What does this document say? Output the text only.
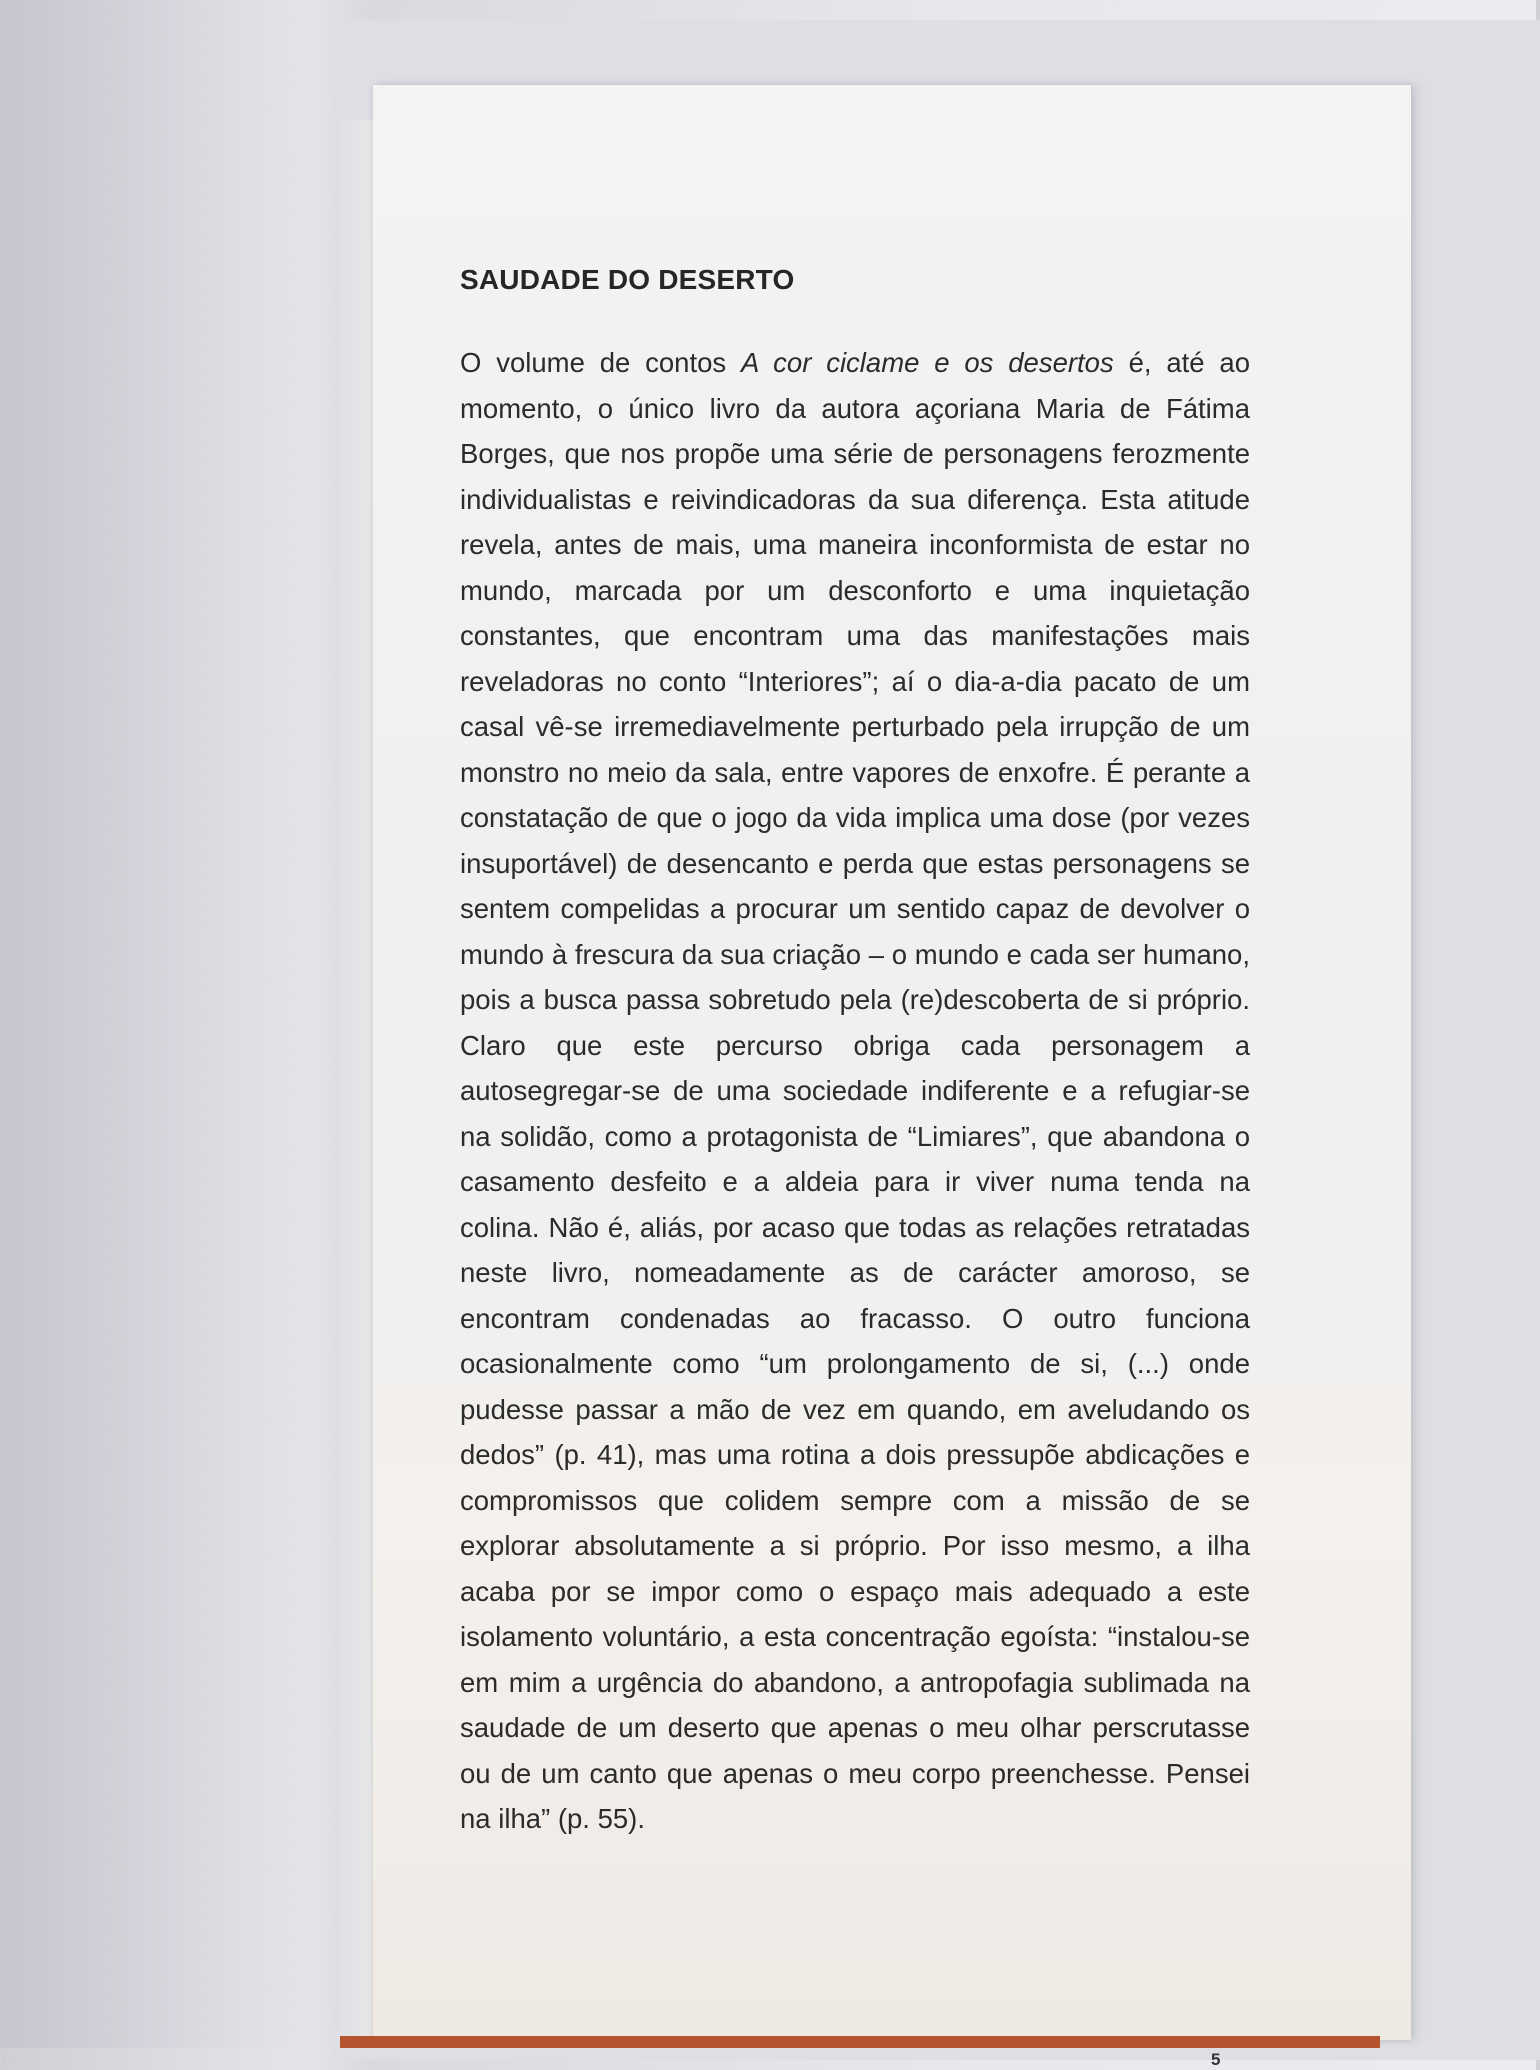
5
SAUDADE DO DESERTO

O volume de contos A cor ciclame e os desertos é, até ao momento, o único livro da autora açoriana Maria de Fátima Borges, que nos propõe uma série de personagens ferozmente individualistas e reivindicadoras da sua diferença. Esta atitude revela, antes de mais, uma maneira inconformista de estar no mundo, marcada por um desconforto e uma inquietação constantes, que encontram uma das manifestações mais reveladoras no conto “Interiores”; aí o dia-a-dia pacato de um casal vê-se irremediavelmente perturbado pela irrupção de um monstro no meio da sala, entre vapores de enxofre. É perante a constatação de que o jogo da vida implica uma dose (por vezes insuportável) de desencanto e perda que estas personagens se sentem compelidas a procurar um sentido capaz de devolver o mundo à frescura da sua criação – o mundo e cada ser humano, pois a busca passa sobretudo pela (re)descoberta de si próprio. Claro que este percurso obriga cada personagem a autosegregar-se de uma sociedade indiferente e a refugiar-se na solidão, como a protagonista de “Limiares”, que abandona o casamento desfeito e a aldeia para ir viver numa tenda na colina. Não é, aliás, por acaso que todas as relações retratadas neste livro, nomeadamente as de carácter amoroso, se encontram condenadas ao fracasso. O outro funciona ocasionalmente como “um prolongamento de si, (...) onde pudesse passar a mão de vez em quando, em aveludando os dedos” (p. 41), mas uma rotina a dois pressupõe abdicações e compromissos que colidem sempre com a missão de se explorar absolutamente a si próprio. Por isso mesmo, a ilha acaba por se impor como o espaço mais adequado a este isolamento voluntário, a esta concentração egoísta: “instalou-se em mim a urgência do abandono, a antropofagia sublimada na saudade de um deserto que apenas o meu olhar perscrutasse ou de um canto que apenas o meu corpo preenchesse. Pensei na ilha” (p. 55).
